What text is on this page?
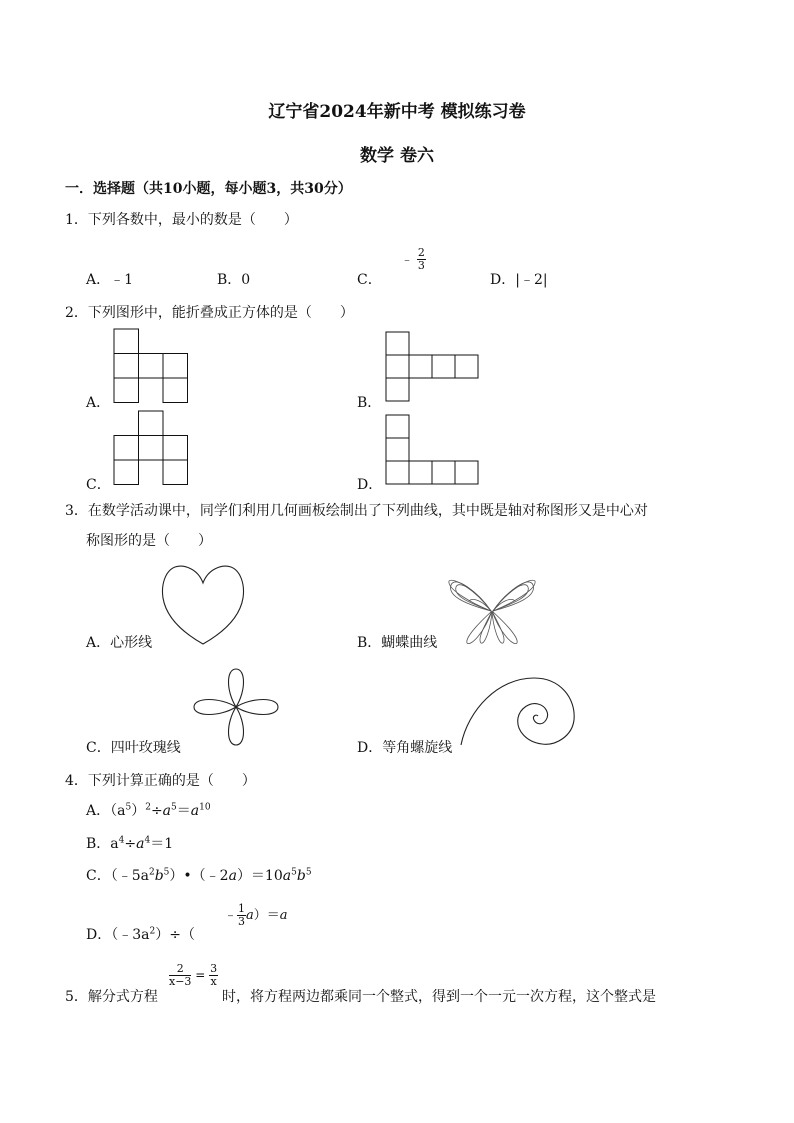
辽宁省2024年新中考 模拟练习卷
数学 卷六
一．选择题（共10小题，每小题3，共30分）
1．下列各数中，最小的数是（　　）
A．﹣1	B．0	C．
﹣ $\frac{2}{3}$
D．|﹣2|
2．下列图形中，能折叠成正方体的是（　　）
A．	B．
C．	D．
3．在数学活动课中，同学们利用几何画板绘制出了下列曲线，其中既是轴对称图形又是中心对
称图形的是（　　）
A．心形线	B．蝴蝶曲线
C．四叶玫瑰线	D．等角螺旋线
4．下列计算正确的是（　　）
A．$(a^5)^2\div a^5=a^{10}$
B．$a^4\div a^4=1$
C．$(﹣5a^2b^5)•(﹣2a)=10a^5b^5$
D．$(﹣3a^2)\div$（
﹣ $\frac{1}{3} a)=a$
5．解分式方程
$\frac{2}{x-3} = \frac{3}{x}$
时，将方程两边都乘同一个整式，得到一个一元一次方程，这个整式是
